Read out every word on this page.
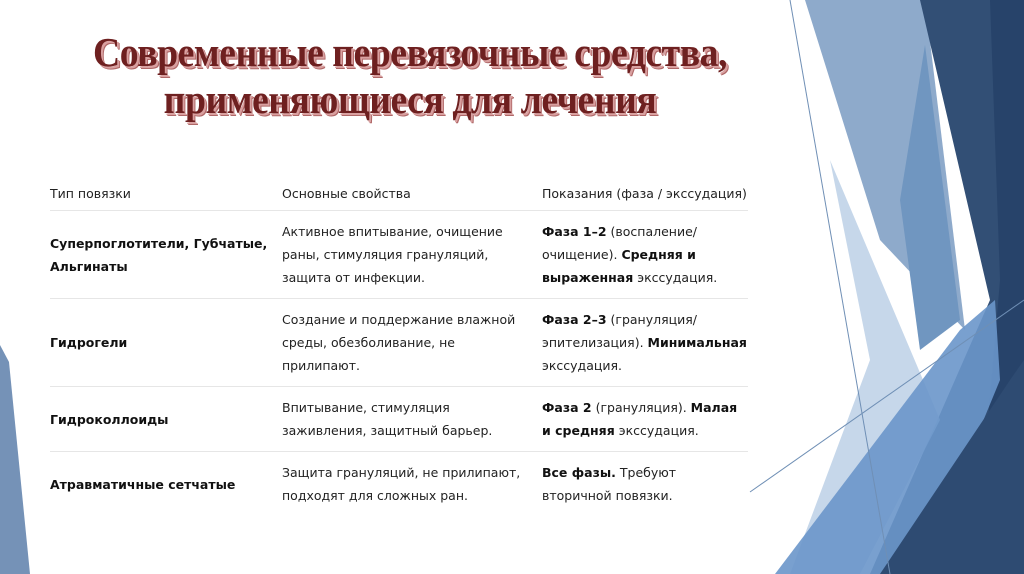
Современные перевязочные средства,
применяющиеся для лечения
Тип повязки	Основные свойства	Показания (фаза / экссудация)
Суперпоглотители, Губчатые, Альгинаты	Активное впитывание, очищение раны, стимуляция грануляций, защита от инфекции.	Фаза 1–2 (воспаление/ очищение). Средняя и выраженная экссудация.
Гидрогели	Создание и поддержание влажной среды, обезболивание, не прилипают.	Фаза 2–3 (грануляция/ эпителизация). Минимальная экссудация.
Гидроколлоиды	Впитывание, стимуляция заживления, защитный барьер.	Фаза 2 (грануляция). Малая и средняя экссудация.
Атравматичные сетчатые	Защита грануляций, не прилипают, подходят для сложных ран.	Все фазы. Требуют вторичной повязки.
